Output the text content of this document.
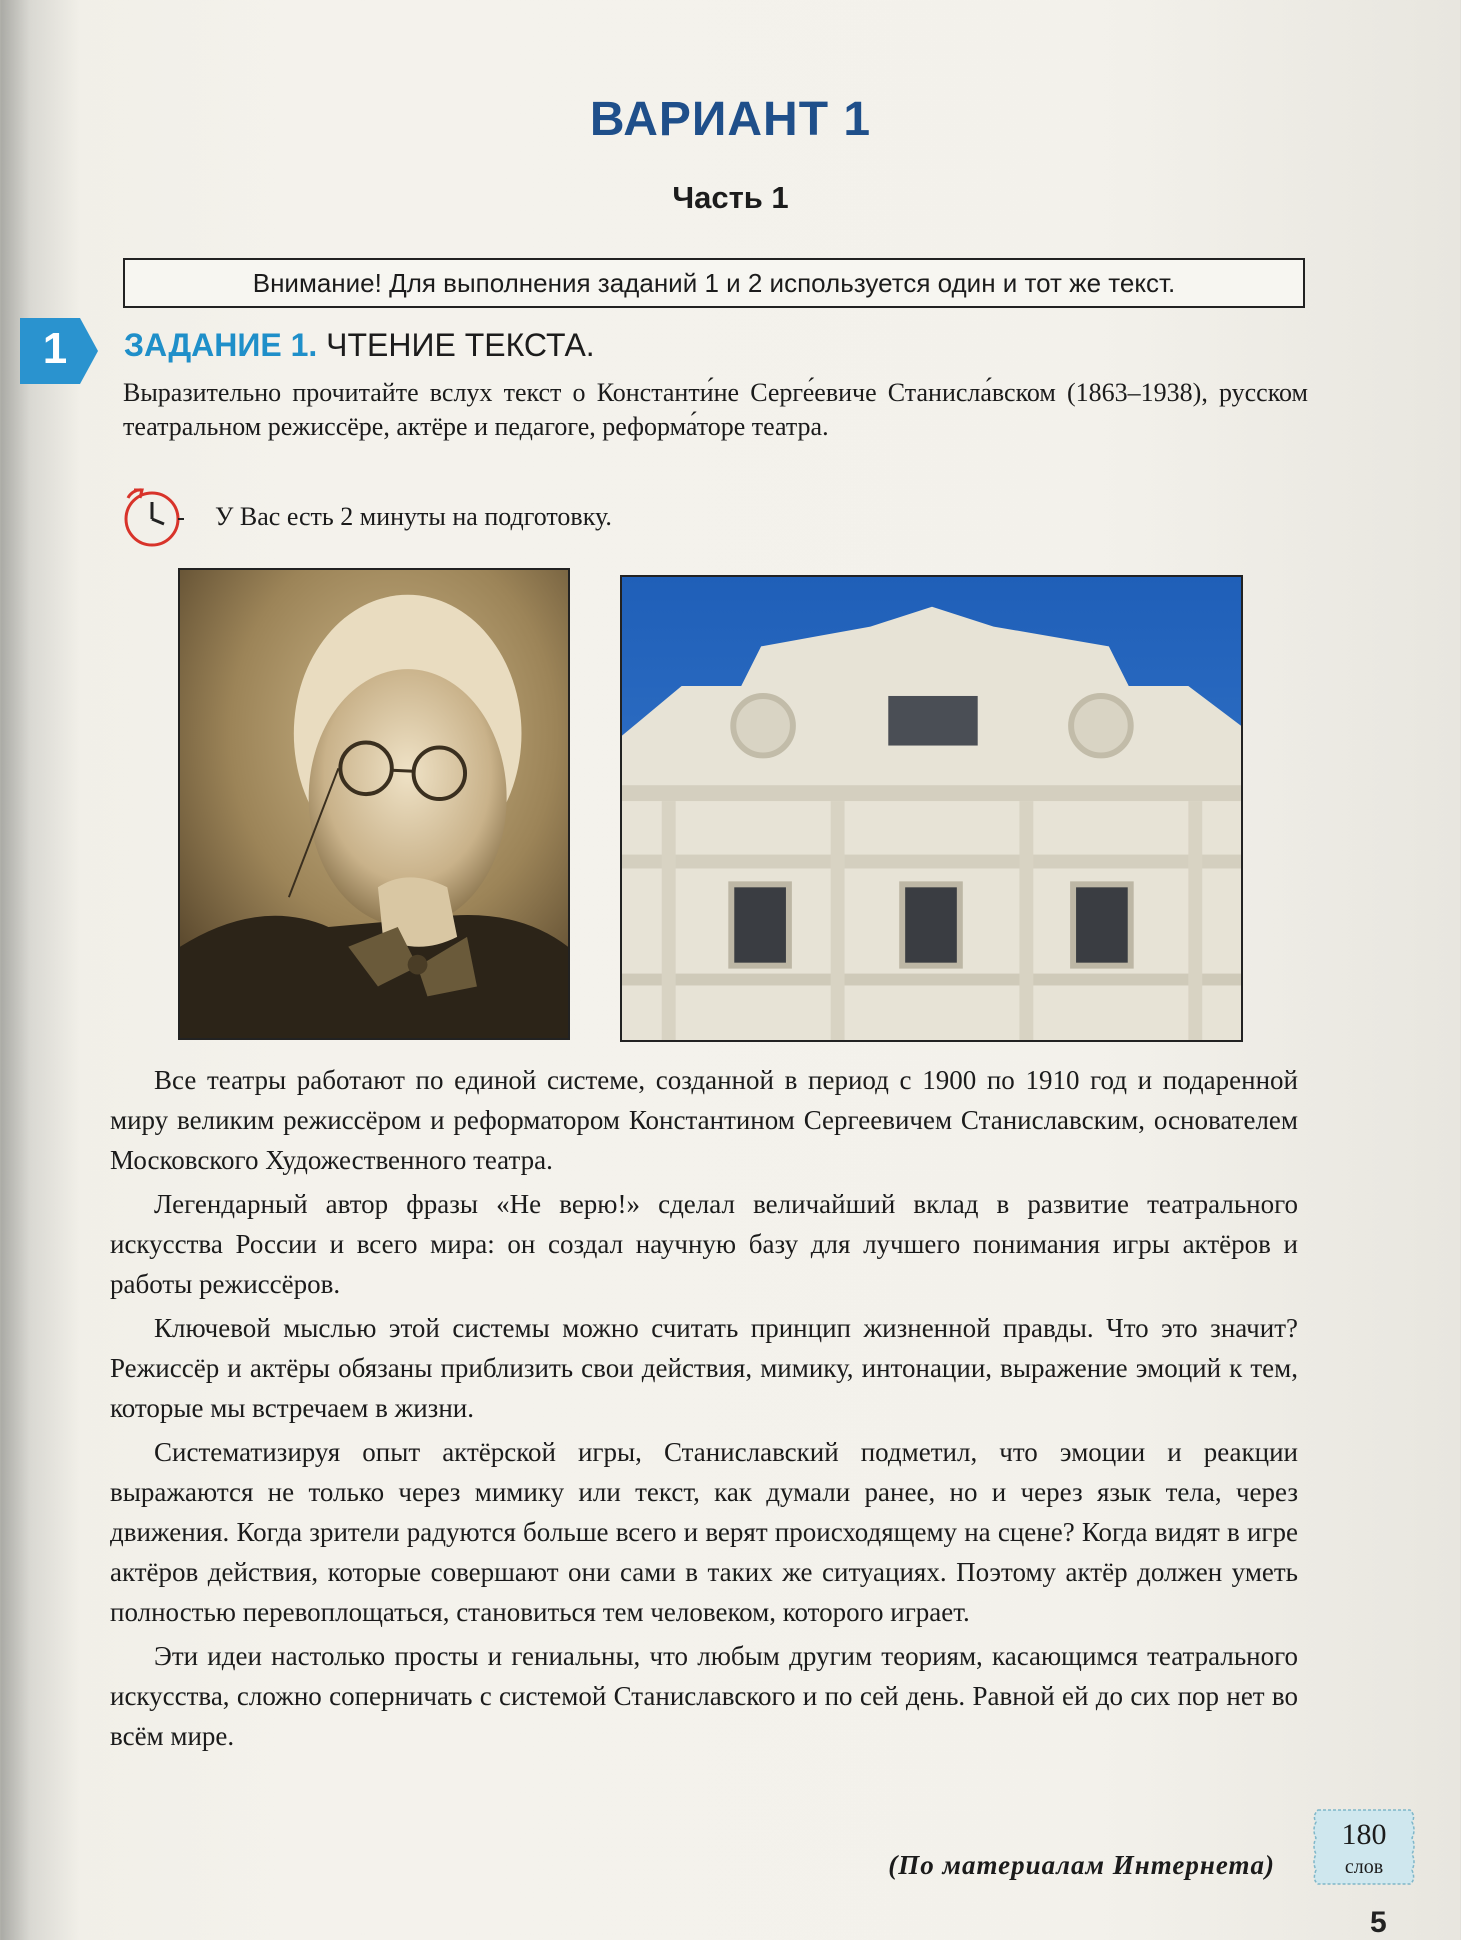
ВАРИАНТ 1
Часть 1
Внимание! Для выполнения заданий 1 и 2 используется один и тот же текст.
1	ЗАДАНИЕ 1. ЧТЕНИЕ ТЕКСТА.

Выразительно прочитайте вслух текст о Константи́не Серге́евиче Станисла́вском (1863–1938), русском театральном режиссёре, актёре и педагоге, реформа́торе театра.

У Вас есть 2 минуты на подготовку.

Все театры работают по единой системе, созданной в период с 1900 по 1910 год и подаренной миру великим режиссёром и реформатором Константином Сергеевичем Станиславским, основателем Московского Художественного театра.

Легендарный автор фразы «Не верю!» сделал величайший вклад в развитие театрального искусства России и всего мира: он создал научную базу для лучшего понимания игры актёров и работы режиссёров.

Ключевой мыслью этой системы можно считать принцип жизненной правды. Что это значит? Режиссёр и актёры обязаны приблизить свои действия, мимику, интонации, выражение эмоций к тем, которые мы встречаем в жизни.

Систематизируя опыт актёрской игры, Станиславский подметил, что эмоции и реакции выражаются не только через мимику или текст, как думали ранее, но и через язык тела, через движения. Когда зрители радуются больше всего и верят происходящему на сцене? Когда видят в игре актёров действия, которые совершают они сами в таких же ситуациях. Поэтому актёр должен уметь полностью перевоплощаться, становиться тем человеком, которого играет.

Эти идеи настолько просты и гениальны, что любым другим теориям, касающимся театрального искусства, сложно соперничать с системой Станиславского и по сей день. Равной ей до сих пор нет во всём мире.

(По материалам Интернета)

180
слов

5
